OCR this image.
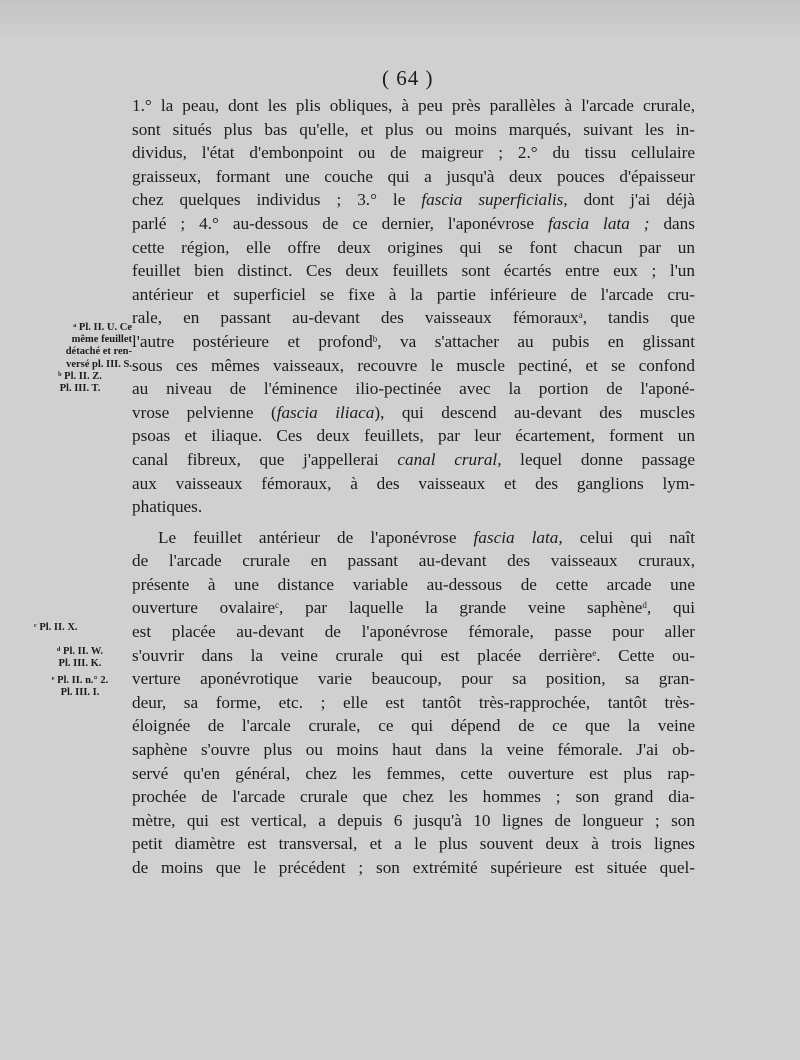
( 64 )
ᵃ Pl. II. U. Ce
même feuillet
détaché et ren-
versé pl. III. S.
ᵇ Pl. II. Z.
Pl. III. T.
ᶜ Pl. II. X.
ᵈ Pl. II. W.
Pl. III. K.
ᵉ Pl. II. n.° 2.
Pl. III. I.
1.° la peau, dont les plis obliques, à peu près parallèles à l'arcade crurale,
sont situés plus bas qu'elle, et plus ou moins marqués, suivant les in-
dividus, l'état d'embonpoint ou de maigreur ; 2.° du tissu cellulaire
graisseux, formant une couche qui a jusqu'à deux pouces d'épaisseur
chez quelques individus ; 3.° le fascia superficialis, dont j'ai déjà
parlé ; 4.° au-dessous de ce dernier, l'aponévrose fascia lata ; dans
cette région, elle offre deux origines qui se font chacun par un
feuillet bien distinct. Ces deux feuillets sont écartés entre eux ; l'un
antérieur et superficiel se fixe à la partie inférieure de l'arcade cru-
rale, en passant au-devant des vaisseaux fémoraux$^a$, tandis que
l'autre postérieure et profond$^b$, va s'attacher au pubis en glissant
sous ces mêmes vaisseaux, recouvre le muscle pectiné, et se confond
au niveau de l'éminence ilio-pectinée avec la portion de l'aponé-
vrose pelvienne (fascia iliaca), qui descend au-devant des muscles
psoas et iliaque. Ces deux feuillets, par leur écartement, forment un
canal fibreux, que j'appellerai canal crural, lequel donne passage
aux vaisseaux fémoraux, à des vaisseaux et des ganglions lym-
phatiques.
Le feuillet antérieur de l'aponévrose fascia lata, celui qui naît
de l'arcade crurale en passant au-devant des vaisseaux cruraux,
présente à une distance variable au-dessous de cette arcade une
ouverture ovalaire$^c$, par laquelle la grande veine saphène$^d$, qui
est placée au-devant de l'aponévrose fémorale, passe pour aller
s'ouvrir dans la veine crurale qui est placée derrière$^e$. Cette ou-
verture aponévrotique varie beaucoup, pour sa position, sa gran-
deur, sa forme, etc. ; elle est tantôt très-rapprochée, tantôt très-
éloignée de l'arcale crurale, ce qui dépend de ce que la veine
saphène s'ouvre plus ou moins haut dans la veine fémorale. J'ai ob-
servé qu'en général, chez les femmes, cette ouverture est plus rap-
prochée de l'arcade crurale que chez les hommes ; son grand dia-
mètre, qui est vertical, a depuis 6 jusqu'à 10 lignes de longueur ; son
petit diamètre est transversal, et a le plus souvent deux à trois lignes
de moins que le précédent ; son extrémité supérieure est située quel-
